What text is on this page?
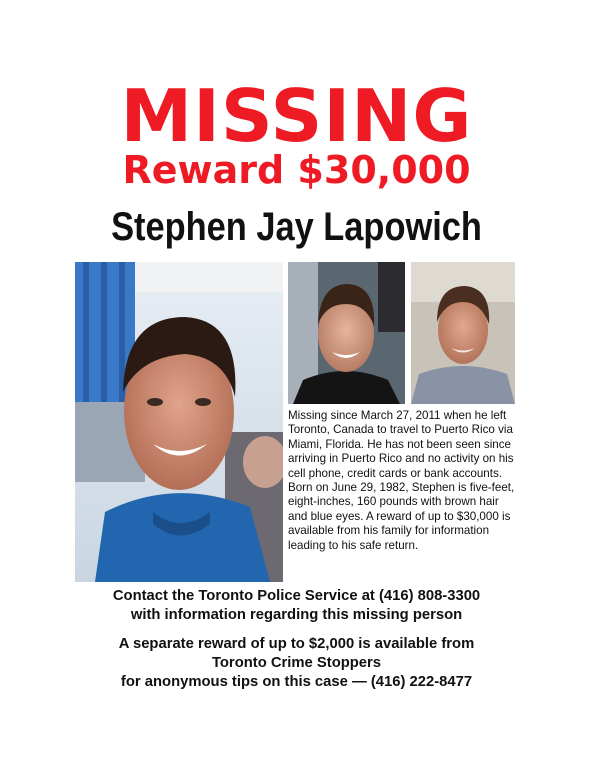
MISSING
Reward $30,000
Stephen Jay Lapowich

Missing since March 27, 2011 when he left Toronto, Canada to travel to Puerto Rico via Miami, Florida. He has not been seen since arriving in Puerto Rico and no activity on his cell phone, credit cards or bank accounts. Born on June 29, 1982, Stephen is five-feet, eight-inches, 160 pounds with brown hair and blue eyes. A reward of up to $30,000 is available from his family for information leading to his safe return.

Contact the Toronto Police Service at (416) 808-3300
with information regarding this missing person

A separate reward of up to $2,000 is available from
Toronto Crime Stoppers
for anonymous tips on this case — (416) 222-8477
